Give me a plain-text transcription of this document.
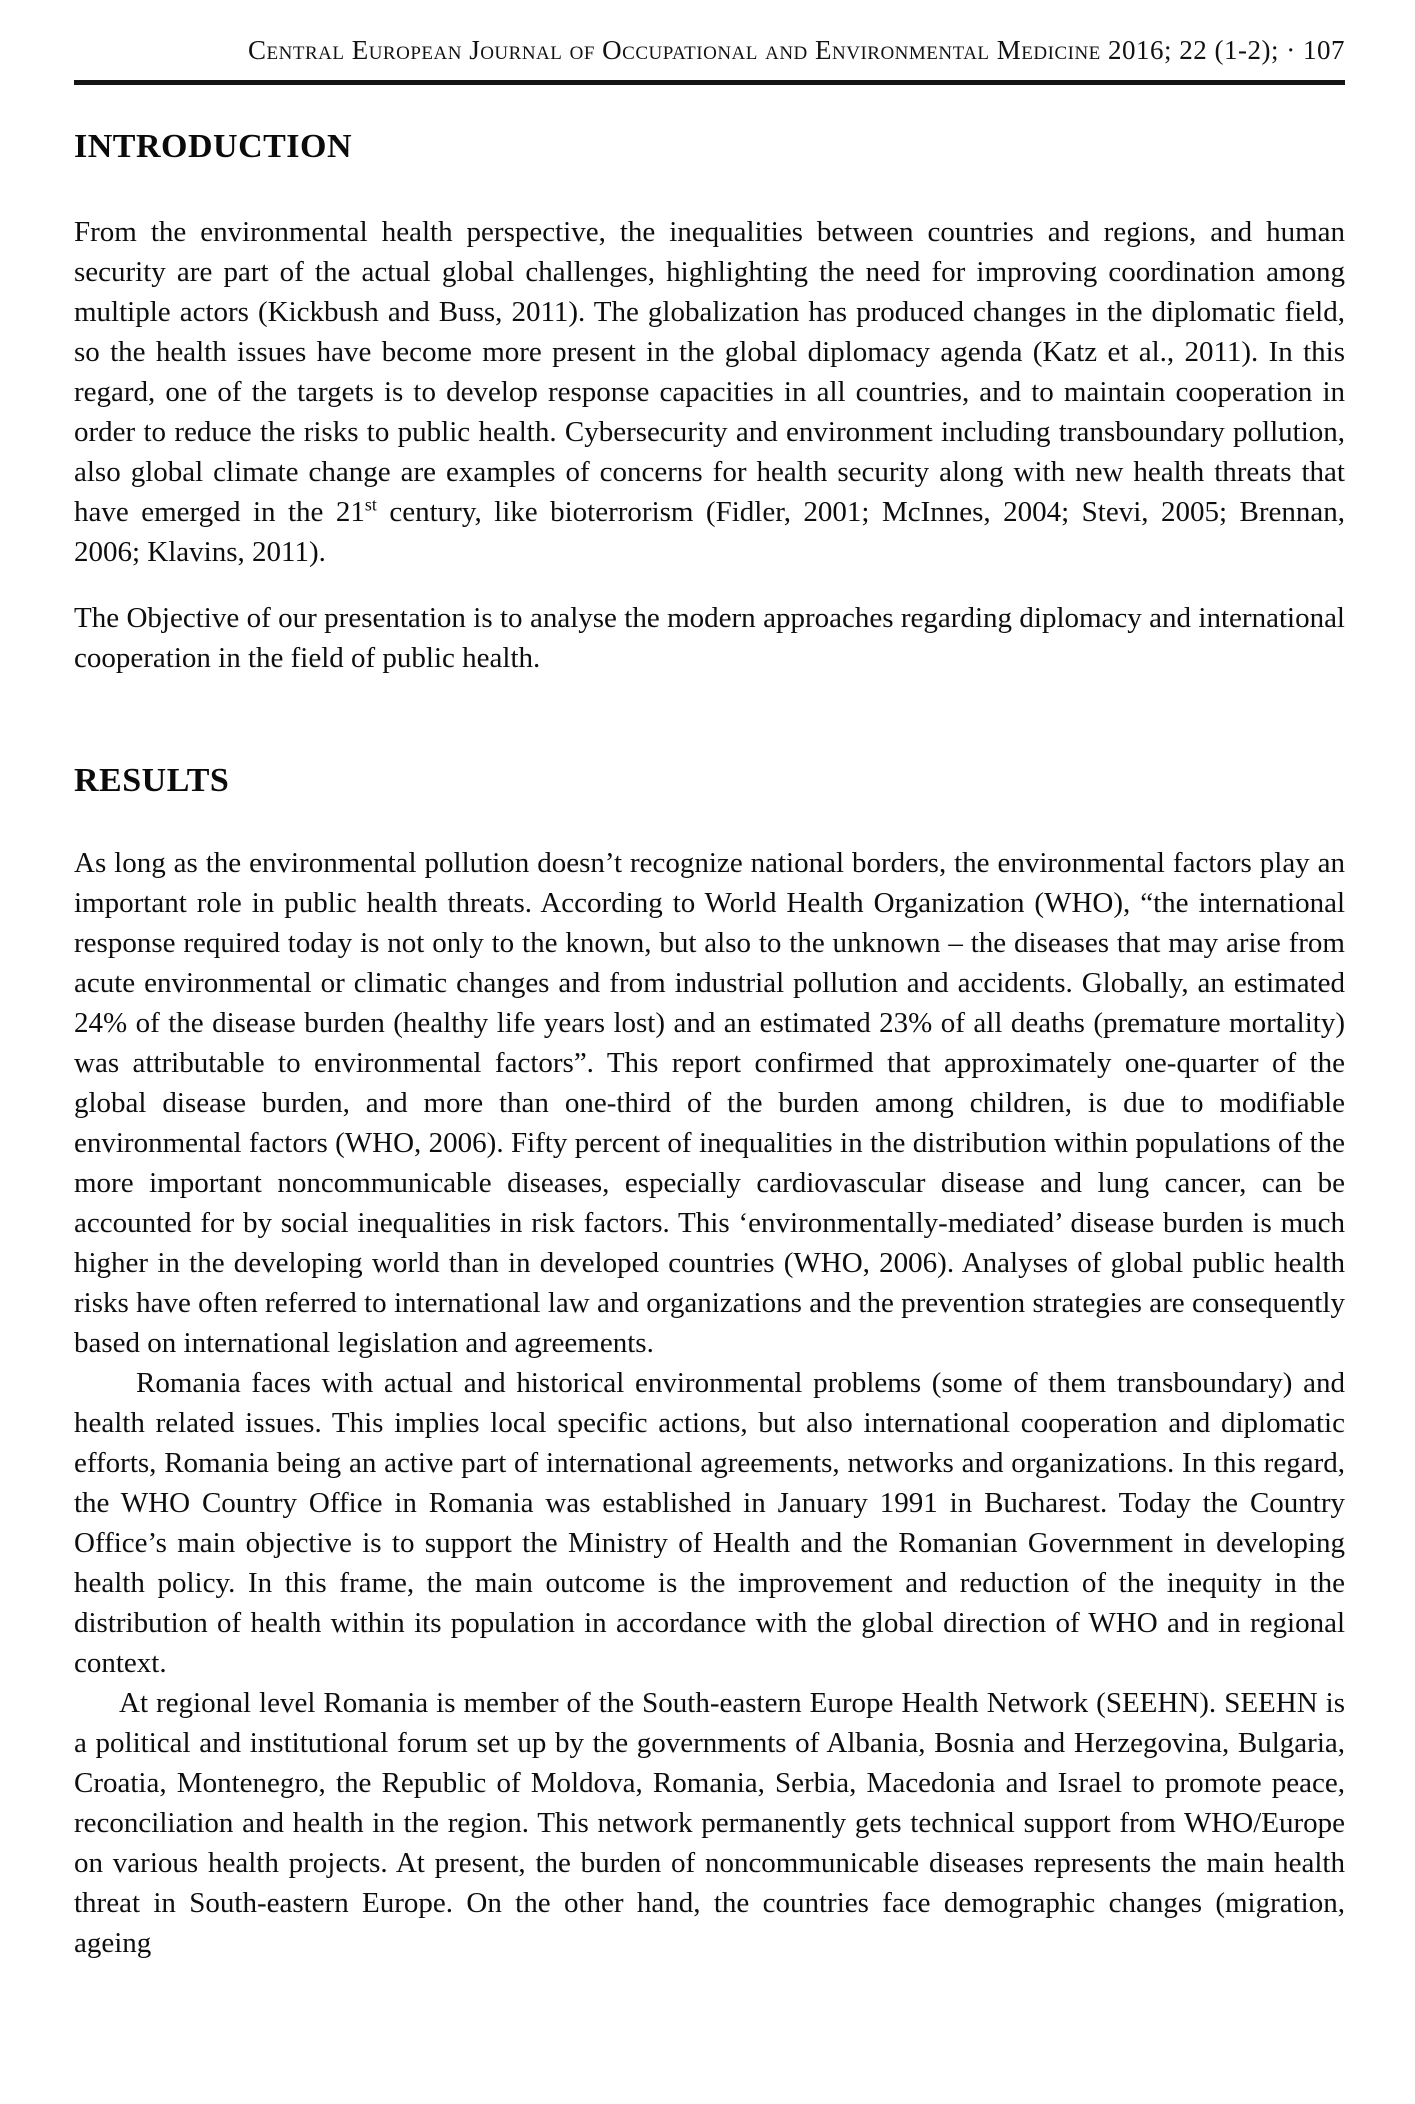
Central European Journal of Occupational and Environmental Medicine 2016; 22 (1-2); · 107
INTRODUCTION

From the environmental health perspective, the inequalities between countries and regions, and human security are part of the actual global challenges, highlighting the need for improving coordination among multiple actors (Kickbush and Buss, 2011). The globalization has produced changes in the diplomatic field, so the health issues have become more present in the global diplomacy agenda (Katz et al., 2011). In this regard, one of the targets is to develop response capacities in all countries, and to maintain cooperation in order to reduce the risks to public health. Cybersecurity and environment including transboundary pollution, also global climate change are examples of concerns for health security along with new health threats that have emerged in the 21st century, like bioterrorism (Fidler, 2001; McInnes, 2004; Stevi, 2005; Brennan, 2006; Klavins, 2011).

The Objective of our presentation is to analyse the modern approaches regarding diplomacy and international cooperation in the field of public health.

RESULTS

As long as the environmental pollution doesn’t recognize national borders, the environmental factors play an important role in public health threats. According to World Health Organization (WHO), “the international response required today is not only to the known, but also to the unknown – the diseases that may arise from acute environmental or climatic changes and from industrial pollution and accidents. Globally, an estimated 24% of the disease burden (healthy life years lost) and an estimated 23% of all deaths (premature mortality) was attributable to environmental factors”. This report confirmed that approximately one-quarter of the global disease burden, and more than one-third of the burden among children, is due to modifiable environmental factors (WHO, 2006). Fifty percent of inequalities in the distribution within populations of the more important noncommunicable diseases, especially cardiovascular disease and lung cancer, can be accounted for by social inequalities in risk factors. This ‘environmentally-mediated’ disease burden is much higher in the developing world than in developed countries (WHO, 2006). Analyses of global public health risks have often referred to international law and organizations and the prevention strategies are consequently based on international legislation and agreements.

Romania faces with actual and historical environmental problems (some of them transboundary) and health related issues. This implies local specific actions, but also international cooperation and diplomatic efforts, Romania being an active part of international agreements, networks and organizations. In this regard, the WHO Country Office in Romania was established in January 1991 in Bucharest. Today the Country Office’s main objective is to support the Ministry of Health and the Romanian Government in developing health policy. In this frame, the main outcome is the improvement and reduction of the inequity in the distribution of health within its population in accordance with the global direction of WHO and in regional context.

At regional level Romania is member of the South-eastern Europe Health Network (SEEHN). SEEHN is a political and institutional forum set up by the governments of Albania, Bosnia and Herzegovina, Bulgaria, Croatia, Montenegro, the Republic of Moldova, Romania, Serbia, Macedonia and Israel to promote peace, reconciliation and health in the region. This network permanently gets technical support from WHO/Europe on various health projects. At present, the burden of noncommunicable diseases represents the main health threat in South-eastern Europe. On the other hand, the countries face demographic changes (migration, ageing
